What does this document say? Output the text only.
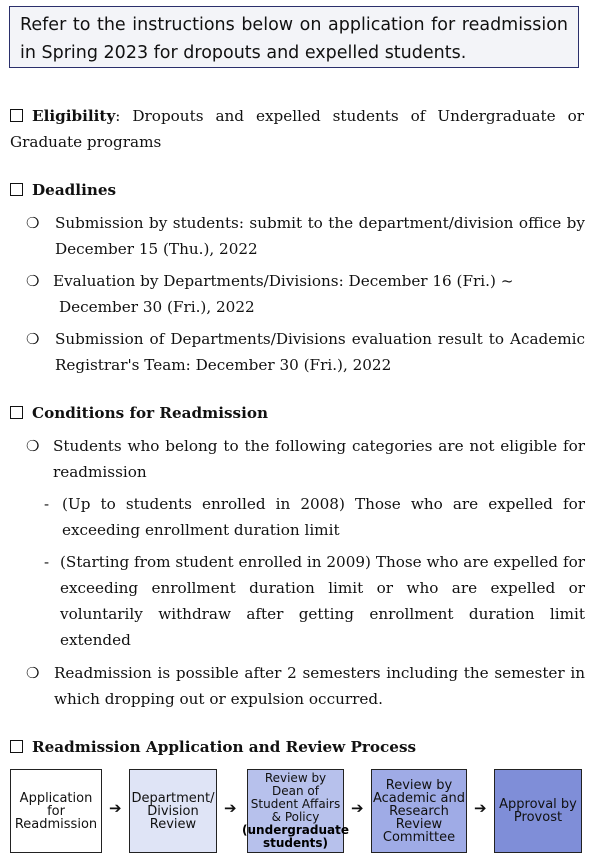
Refer to the instructions below on application for readmission in Spring 2023 for dropouts and expelled students.
Eligibility: Dropouts and expelled students of Undergraduate or Graduate programs
Deadlines
❍ Submission by students: submit to the department/division office by December 15 (Thu.), 2022
❍ Evaluation by Departments/Divisions: December 16 (Fri.) ~
December 30 (Fri.), 2022
❍ Submission of Departments/Divisions evaluation result to Academic Registrar's Team: December 30 (Fri.), 2022
Conditions for Readmission
❍ Students who belong to the following categories are not eligible for readmission
- (Up to students enrolled in 2008) Those who are expelled for exceeding enrollment duration limit
- (Starting from student enrolled in 2009) Those who are expelled for exceeding enrollment duration limit or who are expelled or voluntarily withdraw after getting enrollment duration limit extended
❍ Readmission is possible after 2 semesters including the semester in which dropping out or expulsion occurred.
Readmission Application and Review Process
Application for Readmission
➔
Department/ Division Review
➔
Review by Dean of Student Affairs & Policy
(undergraduate students)
➔
Review by Academic and Research Review Committee
➔ Approval by Provost
